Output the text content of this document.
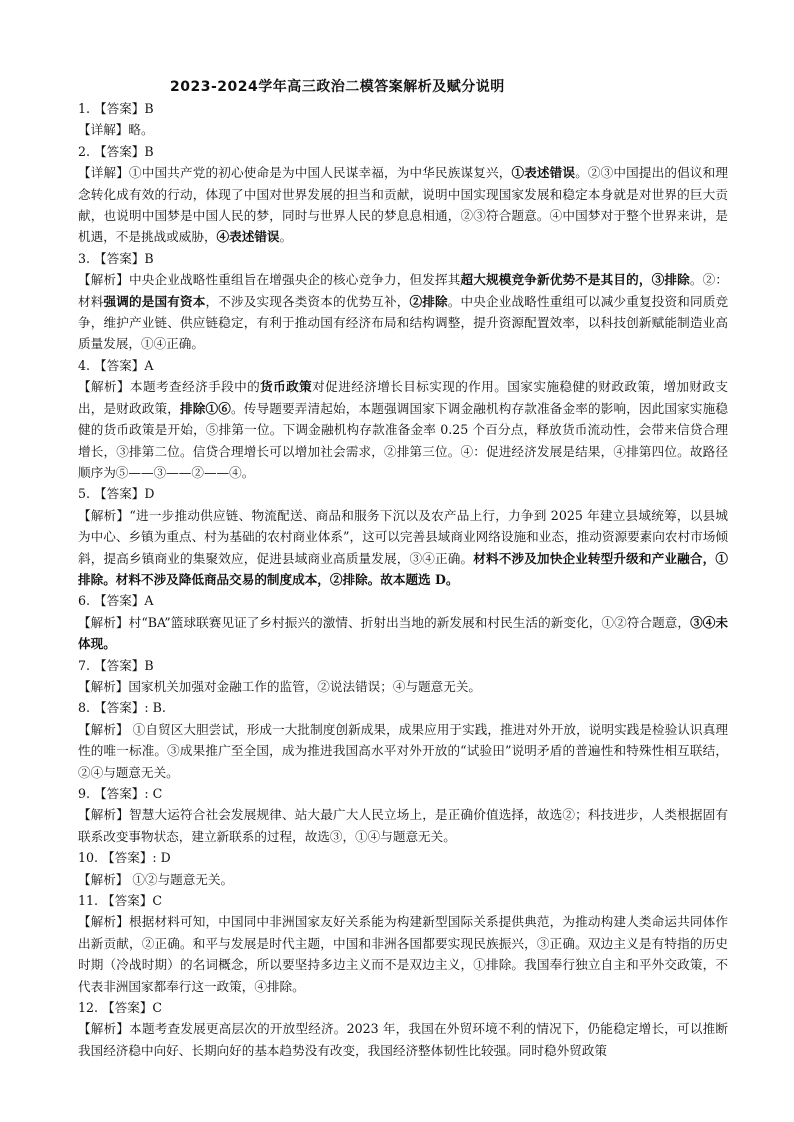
2023-2024学年高三政治二模答案解析及赋分说明
1. 【答案】B
【详解】略。
2. 【答案】B
【详解】①中国共产党的初心使命是为中国人民谋幸福，为中华民族谋复兴，①表述错误。②③中国提出的倡议和理念转化成有效的行动，体现了中国对世界发展的担当和贡献，说明中国实现国家发展和稳定本身就是对世界的巨大贡献，也说明中国梦是中国人民的梦，同时与世界人民的梦息息相通，②③符合题意。④中国梦对于整个世界来讲，是机遇，不是挑战或威胁，④表述错误。
3. 【答案】B
【解析】中央企业战略性重组旨在增强央企的核心竞争力，但发挥其超大规模竞争新优势不是其目的，③排除。②：材料强调的是国有资本，不涉及实现各类资本的优势互补，②排除。中央企业战略性重组可以减少重复投资和同质竞争，维护产业链、供应链稳定，有利于推动国有经济布局和结构调整，提升资源配置效率，以科技创新赋能制造业高质量发展，①④正确。
4. 【答案】A
【解析】本题考查经济手段中的货币政策对促进经济增长目标实现的作用。国家实施稳健的财政政策，增加财政支出，是财政政策，排除①⑥。传导题要弄清起始，本题强调国家下调金融机构存款准备金率的影响，因此国家实施稳健的货币政策是开始，⑤排第一位。下调金融机构存款准备金率 0.25 个百分点，释放货币流动性，会带来信贷合理增长，③排第二位。信贷合理增长可以增加社会需求，②排第三位。④：促进经济发展是结果，④排第四位。故路径顺序为⑤——③——②——④。
5. 【答案】D
【解析】“进一步推动供应链、物流配送、商品和服务下沉以及农产品上行，力争到 2025 年建立县域统筹，以县城为中心、乡镇为重点、村为基础的农村商业体系”，这可以完善县域商业网络设施和业态，推动资源要素向农村市场倾斜，提高乡镇商业的集聚效应，促进县域商业高质量发展，③④正确。材料不涉及加快企业转型升级和产业融合，①排除。材料不涉及降低商品交易的制度成本，②排除。故本题选 D。
6. 【答案】A
【解析】村“BA”篮球联赛见证了乡村振兴的激情、折射出当地的新发展和村民生活的新变化，①②符合题意，③④未体现。
7. 【答案】B
【解析】国家机关加强对金融工作的监管，②说法错误；④与题意无关。
8. 【答案】: B.
【解析】 ①自贸区大胆尝试，形成一大批制度创新成果，成果应用于实践，推进对外开放，说明实践是检验认识真理性的唯一标准。③成果推广至全国，成为推进我国高水平对外开放的“试验田”说明矛盾的普遍性和特殊性相互联结，②④与题意无关。
9. 【答案】: C
【解析】智慧大运符合社会发展规律、站大最广大人民立场上，是正确价值选择，故选②；科技进步，人类根据固有联系改变事物状态，建立新联系的过程，故选③，①④与题意无关。
10. 【答案】: D
【解析】 ①②与题意无关。
11. 【答案】C
【解析】根据材料可知，中国同中非洲国家友好关系能为构建新型国际关系提供典范，为推动构建人类命运共同体作出新贡献，②正确。和平与发展是时代主题，中国和非洲各国都要实现民族振兴，③正确。双边主义是有特指的历史时期（冷战时期）的名词概念，所以要坚持多边主义而不是双边主义，①排除。我国奉行独立自主和平外交政策，不代表非洲国家都奉行这一政策，④排除。
12. 【答案】C
【解析】本题考查发展更高层次的开放型经济。2023 年，我国在外贸环境不利的情况下，仍能稳定增长，可以推断我国经济稳中向好、长期向好的基本趋势没有改变，我国经济整体韧性比较强。同时稳外贸政策
